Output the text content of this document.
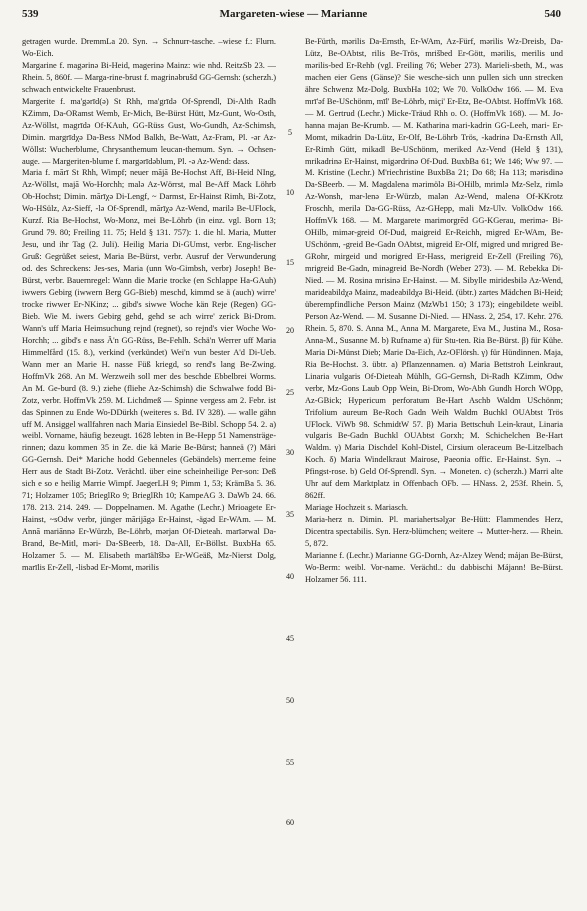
539	Margareten-wiese — Marianne	540

getragen wurde. DremmLa 20. Syn. → Schnurr-tasche. –wiese f.: Flurn. Wo-Eich.

Margarine f. magərinə Bi-Heid, magerinə Mainz: wie nhd. ReitzSb 23. — Rhein. 5, 860f. — Marga-rine-brust f. magrinəbrušd GG-Gernsh: (scherzh.) schwach entwickelte Frauenbrust.

Margerite f. ma'gərīd(ə) St Rhh, ma'grīdə Of-Sprendl, Di-Alth Radh KZimm, Da-ORamst Wemb, Er-Mich, Be-Bürst Hütt, Mz-Gunt, Wo-Osth, Az-Wöllst, magrīdə Of-KAuh, GG-Rüss Gust, Wo-Gundh, Az-Schimsh, Dimin. margrīdχə Da-Bess NMod Balkh, Be-Watt, Az-Fram, Pl. -ər Az-Wöllst: Wucherblume, Chrysanthemum leucan-themum. Syn. → Ochsen-auge. — Margeriten-blume f. margərīdəblum, Pl. -ə Az-Wend: dass.

Maria f. mārī St Rhh, Wimpf; neuer mājā Be-Hochst Aff, Bi-Heid NIng, Az-Wöllst, majā Wo-Horchh; malə Az-Wörrst, mal Be-Aff Mack Löhrb Ob-Hochst; Dimin. mārīχə Di-Lengf, ~ Darmst, Er-Hainst Rimh, Bi-Zotz, Wo-HSülz, Az-Sieff, -lə Of-Sprendl, mārīχə Az-Wend, marilə Be-UFlock, Kurzf. Ria Be-Hochst, Wo-Monz, mei Be-Löhrb (in einz. vgl. Born 13; Grund 79. 80; Freiling 11. 75; Held § 131. 757): 1. die hl. Maria, Mutter Jesu, und ihr Tag (2. Juli). Heilig Maria Di-GUmst, verbr. Eng-lischer Gruß: Gegrüßet seiest, Maria Be-Bürst, verbr. Ausruf der Verwunderung od. des Schreckens: Jes-ses, Maria (unn Wo-Gimbsh, verbr) Joseph! Be-Bürst, verbr. Bauernregel: Wann die Marie trocke (en Schlappe Ha-GAuh) iwwers Gebirg (iwwern Berg GG-Bieb) meschd, kimmd se ä (auch) wirre' trocke riwwer Er-NKinz; ... gibd's siwwe Woche kän Reje (Regen) GG-Bieb. Wie M. iwers Gebirg gehd, gehd se ach wirre' zerick Bi-Drom. Wann's uff Maria Heimsuchung rejnd (regnet), so rejnd's vier Woche Wo-Horchh; ... gibd's e nass Ä'n GG-Rüss, Be-Fehlh. Schä'n Werrer uff Maria Himmelfård (15. 8.), verkind (verkündet) Wei'n vun bester A'd Di-Ueb. Wann mer an Marie H. nasse Füß kriegd, so rend's lang Be-Zwing. HoffmVk 268. An M. Werzweih soll mer des beschde Ebbelbrei Worms. An M. Ge-burd (8. 9.) ziehe (fliehe Az-Schimsh) die Schwalwe fodd Bi-Zotz, verbr. HoffmVk 259. M. Lichdmeß — Spinne vergess am 2. Febr. ist das Spinnen zu Ende Wo-DDürkh (weiteres s. Bd. IV 328). — walle gähn uff M. Ansiggel wallfahren nach Maria Einsiedel Be-Bibl. Schopp 54. 2. a) weibl. Vorname, häufig bezeugt. 1628 lebten in Be-Hepp 51 Namensträge-rinnen; dazu kommen 35 in Ze. die kä Marie Be-Bürst; hanneä (?) Märi GG-Gernsh. Dei* Mariche hodd Gebenneles (Gebändels) merr.eme feine Herr aus de Stadt Bi-Zotz. Verächtl. über eine scheinheilige Per-son: Deß sich e so e heilig Marrie Wimpf. JaegerLH 9; Pimm 1, 53; KrämBa 5. 36. 71; Holzamer 105; BrieglRo 9; BrieglRh 10; KampeAG 3. DaWb 24. 66. 178. 213. 214. 249. — Doppelnamen. M. Agathe (Lechr.) Mrioagete Er-Hainst, ~sOdw verbr, jünger mārijāgə Er-Hainst, -ägəd Er-WAm. — M. Annā mariānnə Er-Würzb, Be-Löhrb, mərjan Of-Dieteah. marīərwal Da-Brand, Be-Mitl, məri- Da-SBeerb, 18. Da-All, Er-Böllst. BuxbHa 65. Holzamer 5. — M. Elisabeth marīälīšbə Er-WGeäß, Mz-Nierst Dolg, marīlis Er-Zell, -lisbəd Er-Momt, mərilis

5
10
15
20
25
30
35
40
45
50
55
60

Be-Fürth, mərilis Da-Ernsth, Er-WAm, Az-Fürf, mərilis Wz-Dreisb, Da-Lütz, Be-OAbtst, rilis Be-Trös, mrišbed Er-Gött, mərilis, merilis und mərilis-bed Er-Rehb (vgl. Freiling 76; Weber 273). Marieli-sbeth, M., was machen eier Gens (Gänse)? Sie wesche-sich unn pullen sich unn strecken ähre Schwenz Mz-Dolg. BuxbHa 102; We 70. VolkOdw 166. — M. Eva mrī'əf Be-USchönm, mīl' Be-Löhrb, miçi' Er-Etz, Be-OAbtst. HoffmVk 168. — M. Gertrud (Lechr.) Micke-Träud Rhh o. O. (HoffmVk 168). — M. Jo-hanna majan Be-Krumb. — M. Katharina mari-kadrin GG-Leeh, mari- Er-Momt, mikadrin Da-Lütz, Er-Olf, Be-Löhrb Trös, -kadrinə Da-Ernsth All, Er-Rimh Gütt, mikadl Be-USchönm, meriked Az-Vend (Held § 131), mrikadrinə Er-Hainst, migərdrinə Of-Dud. BuxbBa 61; We 146; Ww 97. — M. Kristine (Lechr.) M'riechristine BuxbBa 21; Do 68; Ha 113; mərisdinə Da-SBeerb. — M. Magdalena mərimölə Bi-OHilb, mrimlə Mz-Selz, rimlə Az-Wonsh, mar-lenə Er-Würzb, malən Az-Wend, malenə Of-KKrotz Froschh, merilə Da-GG-Rüss, Az-GHepp, mali Mz-Ulv. VolkOdw 166. HoffmVk 168. — M. Margarete marimorgrēd GG-KGerau, merimə- Bi-OHilb, mimər-greid Of-Dud, maigreid Er-Reichh, migred Er-WAm, Be-USchönm, -greid Be-Gadn OAbtst, migreid Er-Olf, migred und mrigred Be-GRohr, mirgeid und morigred Er-Hass, merigreid Er-Zell (Freiling 76), mrigreid Be-Gadn, minəgreid Be-Nordh (Weber 273). — M. Rebekka Di-Nied. — M. Rosina mrisinə Er-Hainst. — M. Sibylle miridesbilə Az-Wend, marideabildχə Mainz, madeabildχə Bi-Heid. (übtr.) zartes Mädchen Bi-Heid; überempfindliche Person Mainz (MzWb1 150; 3 173); eingebildete weibl. Person Az-Wend. — M. Susanne Di-Nied. — HNass. 2, 254, 17. Kehr. 276. Rhein. 5, 870. S. Anna M., Anna M. Margarete, Eva M., Justina M., Rosa-Anna-M., Susanne M. b) Rufname a) für Stu-ten. Ria Be-Bürst. β) für Kühe. Maria Di-Münst Dieb; Marie Da-Eich, Az-OFlörsh. γ) für Hündinnen. Maja, Ria Be-Hochst. 3. übtr. a) Pflanzennamen. α) Maria Bettstroh Leinkraut, Linaria vulgaris Of-Dieteah Mühlh, GG-Gernsh, Di-Radh KZimm, Odw verbr, Mz-Gons Laub Opp Wein, Bi-Drom, Wo-Abh Gundh Horch WOpp, Az-GBick; Hypericum perforatum Be-Hart Aschb Waldm USchönm; Trifolium aureum Be-Roch Gadn Weih Waldm Buchkl OUAbtst Trös UFlock. ViWb 98. SchmidtW 57. β) Maria Bettschuh Lein-kraut, Linaria vulgaris Be-Gadn Buchkl OUAbtst Gorxh; M. Schichelchen Be-Hart Waldm. γ) Maria Dischdel Kohl-Distel, Cirsium oleraceum Be-Litzelbach Koch. δ) Maria Windelkraut Mairose, Paeonia offic. Er-Hainst. Syn. → Pfingst-rose. b) Geld Of-Sprendl. Syn. → Moneten. c) (scherzh.) Marri alte Uhr auf dem Marktplatz in Offenbach OFb. — HNass. 2, 253f. Rhein. 5, 862ff.

Mariage Hochzeit s. Mariasch.

Maria-herz n. Dimin. Pl. mariahertsəlχər Be-Hütt: Flammendes Herz, Dicentra spectabilis. Syn. Herz-blümchen; weitere → Mutter-herz. — Rhein. 5, 872.

Marianne f. (Lechr.) Marianne GG-Dornh, Az-Alzey Wend; májan Be-Bürst, Wo-Berm: weibl. Vor-name. Verächtl.: du dabbischi Májann! Be-Bürst. Holzamer 56. 111.
